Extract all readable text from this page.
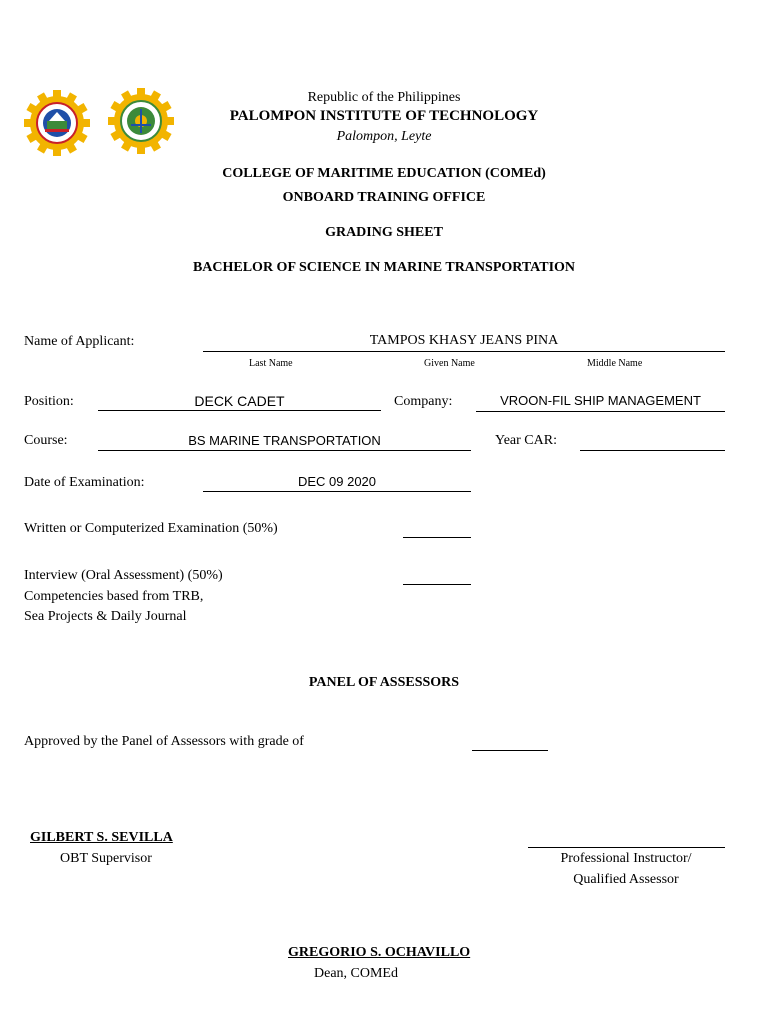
Republic of the Philippines
PALOMPON INSTITUTE OF TECHNOLOGY
Palompon, Leyte
COLLEGE OF MARITIME EDUCATION (COMEd)
ONBOARD TRAINING OFFICE
GRADING SHEET
BACHELOR OF SCIENCE IN MARINE TRANSPORTATION
Name of Applicant:	TAMPOS KHASY JEANS PINA
Last Name	Given Name	Middle Name
Position:	DECK CADET	Company:	VROON-FIL SHIP MANAGEMENT
Course:	BS MARINE TRANSPORTATION	Year CAR:
Date of Examination:	DEC 09 2020
Written or Computerized Examination (50%)
Interview (Oral Assessment) (50%)
Competencies based from TRB,
Sea Projects & Daily Journal
PANEL OF ASSESSORS
Approved by the Panel of Assessors with grade of
GILBERT S. SEVILLA
OBT Supervisor	Professional Instructor/
Qualified Assessor
GREGORIO S. OCHAVILLO
Dean, COMEd
